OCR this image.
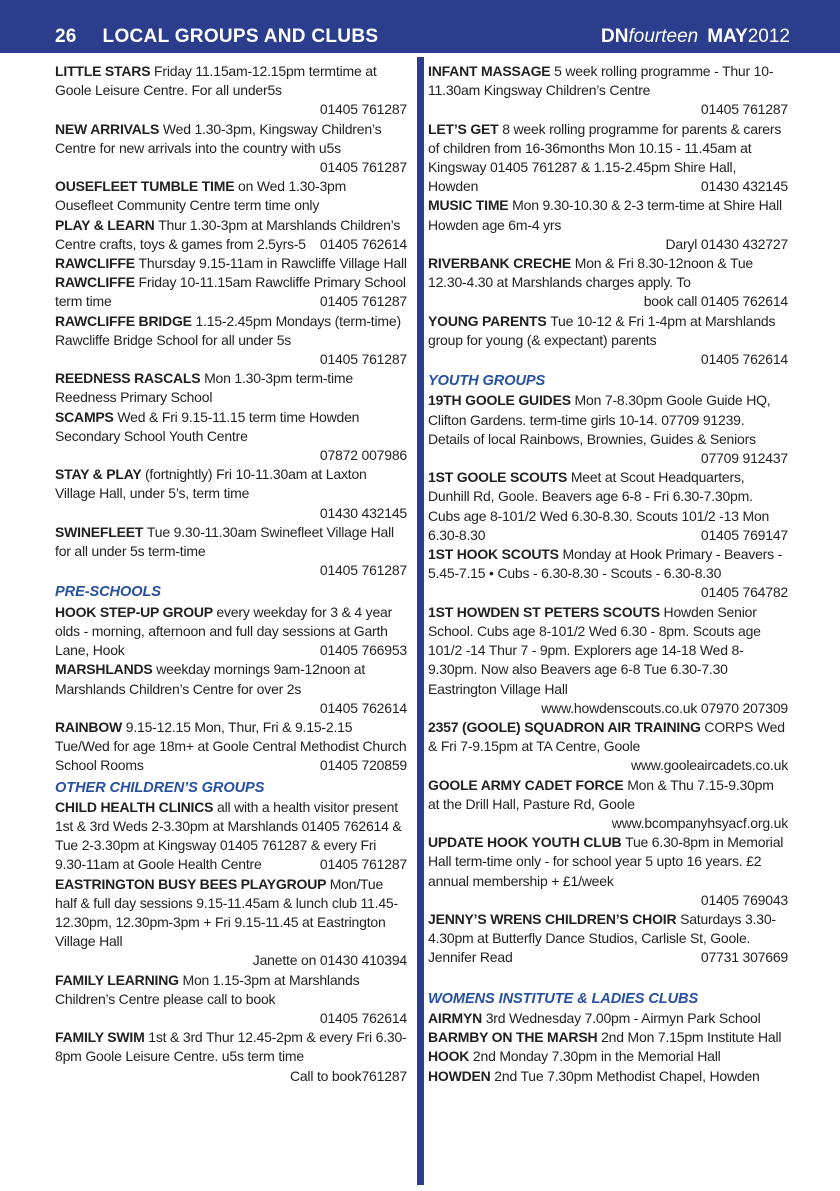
26 LOCAL GROUPS AND CLUBS	DN fourteen MAY 2012

LITTLE STARS Friday 11.15am-12.15pm termtime at Goole Leisure Centre. For all under5s

01405 761287

NEW ARRIVALS Wed 1.30-3pm, Kingsway Children’s Centre for new arrivals into the country with u5s
01405 761287

OUSEFLEET TUMBLE TIME on Wed 1.30-3pm Ousefleet Community Centre term time only

PLAY & LEARN Thur 1.30-3pm at Marshlands Children’s Centre crafts, toys & games from 2.5yrs-5 01405 762614

RAWCLIFFE Thursday 9.15-11am in Rawcliffe Village Hall

RAWCLIFFE Friday 10-11.15am Rawcliffe Primary School term time	01405 761287

RAWCLIFFE BRIDGE 1.15-2.45pm Mondays (term-time) Rawcliffe Bridge School for all under 5s

01405 761287

REEDNESS RASCALS Mon 1.30-3pm term-time Reedness Primary School

SCAMPS Wed & Fri 9.15-11.15 term time Howden Secondary School Youth Centre

07872 007986

STAY & PLAY (fortnightly) Fri 10-11.30am at Laxton Village Hall, under 5’s, term time

01430 432145

SWINEFLEET Tue 9.30-11.30am Swinefleet Village Hall for all under 5s term-time

01405 761287
PRE-SCHOOLS

HOOK STEP-UP GROUP every weekday for 3 & 4 year olds - morning, afternoon and full day sessions at Garth Lane, Hook	01405 766953

MARSHLANDS weekday mornings 9am-12noon at Marshlands Children’s Centre for over 2s

01405 762614

RAINBOW 9.15-12.15 Mon, Thur, Fri & 9.15-2.15 Tue/Wed for age 18m+ at Goole Central Methodist Church School Rooms	01405 720859

OTHER CHILDREN’S GROUPS

CHILD HEALTH CLINICS all with a health visitor present 1st & 3rd Weds 2-3.30pm at Marshlands 01405 762614 & Tue 2-3.30pm at Kingsway 01405 761287 & every Fri 9.30-11am at Goole Health Centre	01405 761287

EASTRINGTON BUSY BEES PLAYGROUP Mon/Tue half & full day sessions 9.15-11.45am & lunch club 11.45-12.30pm, 12.30pm-3pm + Fri 9.15-11.45 at Eastrington Village Hall

Janette on 01430 410394

FAMILY LEARNING Mon 1.15-3pm at Marshlands Children’s Centre please call to book

01405 762614

FAMILY SWIM 1st & 3rd Thur 12.45-2pm & every Fri 6.30-8pm Goole Leisure Centre. u5s term time

Call to book761287

INFANT MASSAGE 5 week rolling programme - Thur 10-11.30am Kingsway Children’s Centre

01405 761287

LET’S GET 8 week rolling programme for parents & carers of children from 16-36months Mon 10.15 - 11.45am at Kingsway 01405 761287 & 1.15-2.45pm Shire Hall, Howden	01430 432145

MUSIC TIME Mon 9.30-10.30 & 2-3 term-time at Shire Hall Howden age 6m-4 yrs

Daryl 01430 432727

RIVERBANK CRECHE Mon & Fri 8.30-12noon & Tue 12.30-4.30 at Marshlands charges apply. To

book call 01405 762614

YOUNG PARENTS Tue 10-12 & Fri 1-4pm at Marshlands group for young (& expectant) parents

01405 762614
YOUTH GROUPS

19TH GOOLE GUIDES Mon 7-8.30pm Goole Guide HQ, Clifton Gardens. term-time girls 10-14. 07709 91239. Details of local Rainbows, Brownies, Guides & Seniors
07709 912437

1ST GOOLE SCOUTS Meet at Scout Headquarters, Dunhill Rd, Goole. Beavers age 6-8 - Fri 6.30-7.30pm. Cubs age 8-101/2 Wed 6.30-8.30. Scouts 101/2 -13 Mon 6.30-8.30	01405 769147

1ST HOOK SCOUTS Monday at Hook Primary - Beavers - 5.45-7.15 • Cubs - 6.30-8.30 - Scouts - 6.30-8.30
01405 764782

1ST HOWDEN ST PETERS SCOUTS Howden Senior School. Cubs age 8-101/2 Wed 6.30 - 8pm. Scouts age 101/2 -14 Thur 7 - 9pm. Explorers age 14-18 Wed 8-9.30pm. Now also Beavers age 6-8 Tue 6.30-7.30 Eastrington Village Hall

www.howdenscouts.co.uk 07970 207309

2357 (GOOLE) SQUADRON AIR TRAINING CORPS Wed & Fri 7-9.15pm at TA Centre, Goole

www.gooleaircadets.co.uk

GOOLE ARMY CADET FORCE Mon & Thu 7.15-9.30pm at the Drill Hall, Pasture Rd, Goole

www.bcompanyhsyacf.org.uk

UPDATE HOOK YOUTH CLUB Tue 6.30-8pm in Memorial Hall term-time only - for school year 5 upto 16 years. £2 annual membership + £1/week

01405 769043

JENNY’S WRENS CHILDREN’S CHOIR Saturdays 3.30-4.30pm at Butterfly Dance Studios, Carlisle St, Goole. Jennifer Read	07731 307669

WOMENS INSTITUTE & LADIES CLUBS

AIRMYN 3rd Wednesday 7.00pm - Airmyn Park School

BARMBY ON THE MARSH 2nd Mon 7.15pm Institute Hall

HOOK 2nd Monday 7.30pm in the Memorial Hall

HOWDEN 2nd Tue 7.30pm Methodist Chapel, Howden
